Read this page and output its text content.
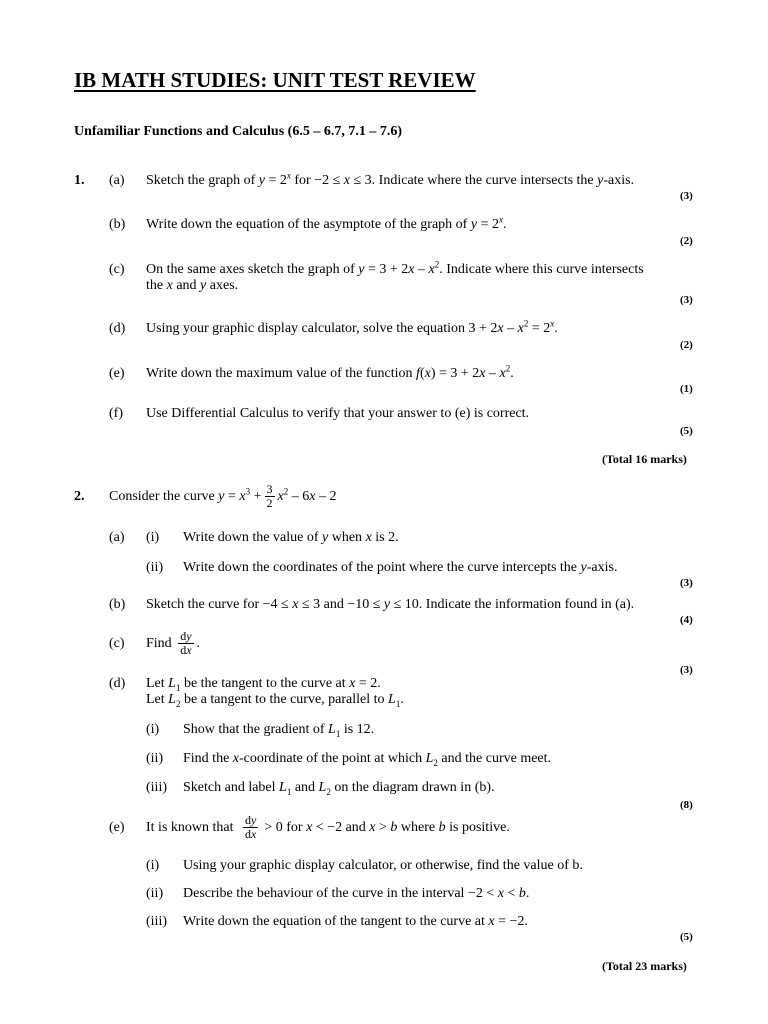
IB MATH STUDIES: UNIT TEST REVIEW
Unfamiliar Functions and Calculus (6.5 – 6.7, 7.1 – 7.6)
1. (a) Sketch the graph of $y = 2^x$ for −2 ≤ x ≤ 3. Indicate where the curve intersects the y-axis.
(3)
(b) Write down the equation of the asymptote of the graph of $y = 2^x$.
(2)
(c) On the same axes sketch the graph of $y = 3 + 2x - x^2$. Indicate where this curve intersects
the x and y axes.
(3)
(d) Using your graphic display calculator, solve the equation $3 + 2x - x^2 = 2^x$.
(2)
(e) Write down the maximum value of the function $f(x) = 3 + 2x - x^2$.
(1)
(f) Use Differential Calculus to verify that your answer to (e) is correct.
(5)
(Total 16 marks)
2. Consider the curve $y = x^3 + \frac{3}{2} x^2 - 6x - 2$
(a) (i) Write down the value of y when x is 2.
(ii) Write down the coordinates of the point where the curve intercepts the y-axis.
(3)
(b) Sketch the curve for −4 ≤ x ≤ 3 and −10 ≤ y ≤ 10. Indicate the information found in (a).
(4)
(c) Find $\frac{dy}{dx}$ .
(3)
(d) Let $L_1$ be the tangent to the curve at x = 2.
Let $L_2$ be a tangent to the curve, parallel to $L_1$.
(i) Show that the gradient of $L_1$ is 12.
(ii) Find the x-coordinate of the point at which $L_2$ and the curve meet.
(iii) Sketch and label $L_1$ and $L_2$ on the diagram drawn in (b).
(8)
(e) It is known that $\frac{dy}{dx} > 0$ for x < −2 and x > b where b is positive.
(i) Using your graphic display calculator, or otherwise, find the value of b.
(ii) Describe the behaviour of the curve in the interval −2 < x < b.
(iii) Write down the equation of the tangent to the curve at x = −2.
(5)
(Total 23 marks)
